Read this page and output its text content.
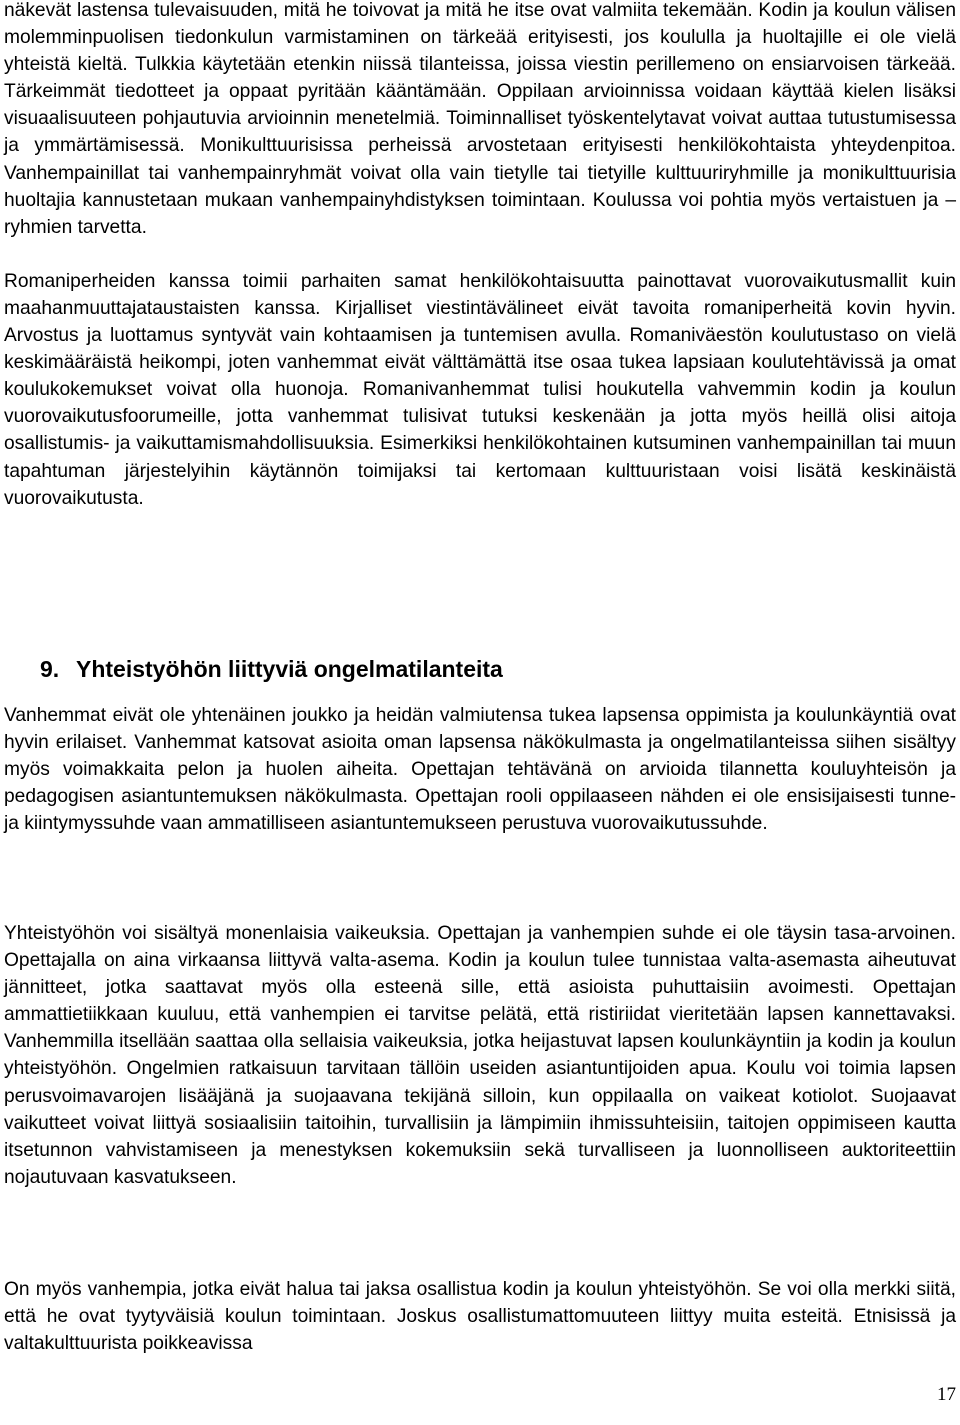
näkevät lastensa tulevaisuuden, mitä he toivovat ja mitä he itse ovat valmiita tekemään. Kodin ja koulun välisen molemminpuolisen tiedonkulun varmistaminen on tärkeää erityisesti, jos koululla ja huoltajille ei ole vielä yhteistä kieltä. Tulkkia käytetään etenkin niissä tilanteissa, joissa viestin perillemeno on ensiarvoisen tärkeää. Tärkeimmät tiedotteet ja oppaat pyritään kääntämään. Oppilaan arvioinnissa voidaan käyttää kielen lisäksi visuaalisuuteen pohjautuvia arvioinnin menetelmiä. Toiminnalliset työskentelytavat voivat auttaa tutustumisessa ja ymmärtämisessä. Monikulttuurisissa perheissä arvostetaan erityisesti henkilökohtaista yhteydenpitoa. Vanhempainillat tai vanhempainryhmät voivat olla vain tietylle tai tietyille kulttuuriryhmille ja monikulttuurisia huoltajia kannustetaan mukaan vanhempainyhdistyksen toimintaan. Koulussa voi pohtia myös vertaistuen ja – ryhmien tarvetta.

Romaniperheiden kanssa toimii parhaiten samat henkilökohtaisuutta painottavat vuorovaikutusmallit kuin maahanmuuttajataustaisten kanssa. Kirjalliset viestintävälineet eivät tavoita romaniperheitä kovin hyvin. Arvostus ja luottamus syntyvät vain kohtaamisen ja tuntemisen avulla. Romaniväestön koulutustaso on vielä keskimääräistä heikompi, joten vanhemmat eivät välttämättä itse osaa tukea lapsiaan koulutehtävissä ja omat koulukokemukset voivat olla huonoja. Romanivanhemmat tulisi houkutella vahvemmin kodin ja koulun vuorovaikutusfoorumeille, jotta vanhemmat tulisivat tutuksi keskenään ja jotta myös heillä olisi aitoja osallistumis- ja vaikuttamismahdollisuuksia. Esimerkiksi henkilökohtainen kutsuminen vanhempainillan tai muun tapahtuman järjestelyihin käytännön toimijaksi tai kertomaan kulttuuristaan voisi lisätä keskinäistä vuorovaikutusta.

9. Yhteistyöhön liittyviä ongelmatilanteita

Vanhemmat eivät ole yhtenäinen joukko ja heidän valmiutensa tukea lapsensa oppimista ja koulunkäyntiä ovat hyvin erilaiset. Vanhemmat katsovat asioita oman lapsensa näkökulmasta ja ongelmatilanteissa siihen sisältyy myös voimakkaita pelon ja huolen aiheita. Opettajan tehtävänä on arvioida tilannetta kouluyhteisön ja pedagogisen asiantuntemuksen näkökulmasta. Opettajan rooli oppilaaseen nähden ei ole ensisijaisesti tunne- ja kiintymyssuhde vaan ammatilliseen asiantuntemukseen perustuva vuorovaikutussuhde.

Yhteistyöhön voi sisältyä monenlaisia vaikeuksia. Opettajan ja vanhempien suhde ei ole täysin tasa-arvoinen. Opettajalla on aina virkaansa liittyvä valta-asema. Kodin ja koulun tulee tunnistaa valta-asemasta aiheutuvat jännitteet, jotka saattavat myös olla esteenä sille, että asioista puhuttaisiin avoimesti. Opettajan ammattietiikkaan kuuluu, että vanhempien ei tarvitse pelätä, että ristiriidat vieritetään lapsen kannettavaksi. Vanhemmilla itsellään saattaa olla sellaisia vaikeuksia, jotka heijastuvat lapsen koulunkäyntiin ja kodin ja koulun yhteistyöhön. Ongelmien ratkaisuun tarvitaan tällöin useiden asiantuntijoiden apua. Koulu voi toimia lapsen perusvoimavarojen lisääjänä ja suojaavana tekijänä silloin, kun oppilaalla on vaikeat kotiolot. Suojaavat vaikutteet voivat liittyä sosiaalisiin taitoihin, turvallisiin ja lämpimiin ihmissuhteisiin, taitojen oppimiseen kautta itsetunnon vahvistamiseen ja menestyksen kokemuksiin sekä turvalliseen ja luonnolliseen auktoriteettiin nojautuvaan kasvatukseen.

On myös vanhempia, jotka eivät halua tai jaksa osallistua kodin ja koulun yhteistyöhön. Se voi olla merkki siitä, että he ovat tyytyväisiä koulun toimintaan. Joskus osallistumattomuuteen liittyy muita esteitä. Etnisissä ja valtakulttuurista poikkeavissa

17
